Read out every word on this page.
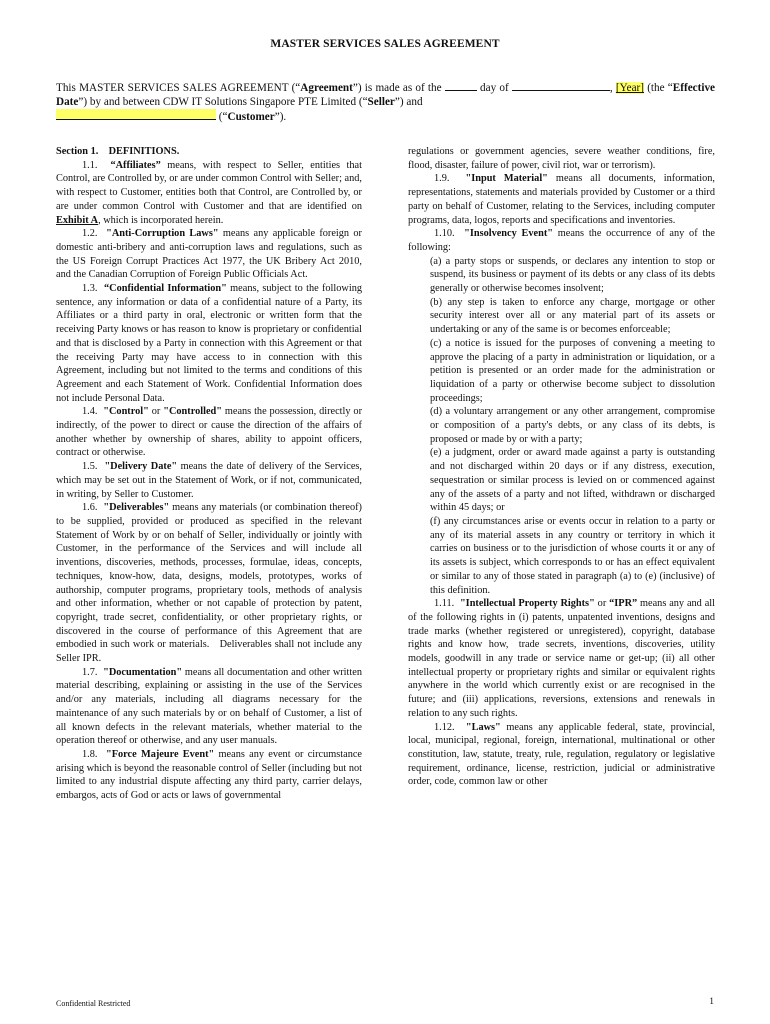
MASTER SERVICES SALES AGREEMENT
This MASTER SERVICES SALES AGREEMENT (“Agreement”) is made as of the	day of	, [Year] (the “Effective Date”) by and between CDW IT Solutions Singapore PTE Limited (“Seller”) and
(“Customer”).

Section 1. DEFINITIONS.

1.1. “Affiliates” means, with respect to Seller, entities that Control, are Controlled by, or are under common Control with Seller; and, with respect to Customer, entities both that Control, are Controlled by, or are under common Control with Customer and that are identified on Exhibit A, which is incorporated herein.

1.2. "Anti-Corruption Laws" means any applicable foreign or domestic anti-bribery and anti-corruption laws and regulations, such as the US Foreign Corrupt Practices Act 1977, the UK Bribery Act 2010, and the Canadian Corruption of Foreign Public Officials Act.

1.3. “Confidential Information" means, subject to the following sentence, any information or data of a confidential nature of a Party, its Affiliates or a third party in oral, electronic or written form that the receiving Party knows or has reason to know is proprietary or confidential and that is disclosed by a Party in connection with this Agreement or that the receiving Party may have access to in connection with this Agreement, including but not limited to the terms and conditions of this Agreement and each Statement of Work. Confidential Information does not include Personal Data.

1.4. "Control" or "Controlled" means the possession, directly or indirectly, of the power to direct or cause the direction of the affairs of another whether by ownership of shares, ability to appoint officers, contract or otherwise.

1.5. "Delivery Date" means the date of delivery of the Services, which may be set out in the Statement of Work, or if not, communicated, in writing, by Seller to Customer.

1.6. "Deliverables" means any materials (or combination thereof) to be supplied, provided or produced as specified in the relevant Statement of Work by or on behalf of Seller, individually or jointly with Customer, in the performance of the Services and will include all inventions, discoveries, methods, processes, formulae, ideas, concepts, techniques, know-how, data, designs, models, prototypes, works of authorship, computer programs, proprietary tools, methods of analysis and other information, whether or not capable of protection by patent, copyright, trade secret, confidentiality, or other proprietary rights, or discovered in the course of performance of this Agreement that are embodied in such work or materials. Deliverables shall not include any Seller IPR.

1.7. "Documentation" means all documentation and other written material describing, explaining or assisting in the use of the Services and/or any materials, including all diagrams necessary for the maintenance of any such materials by or on behalf of Customer, a list of all known defects in the relevant materials, whether material to the operation thereof or otherwise, and any user manuals.

1.8. "Force Majeure Event" means any event or circumstance arising which is beyond the reasonable control of Seller (including but not limited to any industrial dispute affecting any third party, carrier delays, embargos, acts of God or acts or laws of governmental

regulations or government agencies, severe weather conditions, fire, flood, disaster, failure of power, civil riot, war or terrorism).

1.9. "Input Material" means all documents, information, representations, statements and materials provided by Customer or a third party on behalf of Customer, relating to the Services, including computer programs, data, logos, reports and specifications and inventories.

1.10. "Insolvency Event" means the occurrence of any of the following:

(a) a party stops or suspends, or declares any intention to stop or suspend, its business or payment of its debts or any class of its debts generally or otherwise becomes insolvent;

(b) any step is taken to enforce any charge, mortgage or other security interest over all or any material part of its assets or undertaking or any of the same is or becomes enforceable;

(c) a notice is issued for the purposes of convening a meeting to approve the placing of a party in administration or liquidation, or a petition is presented or an order made for the administration or liquidation of a party or otherwise become subject to dissolution proceedings;

(d) a voluntary arrangement or any other arrangement, compromise or composition of a party's debts, or any class of its debts, is proposed or made by or with a party;

(e) a judgment, order or award made against a party is outstanding and not discharged within 20 days or if any distress, execution, sequestration or similar process is levied on or commenced against any of the assets of a party and not lifted, withdrawn or discharged within 45 days; or

(f) any circumstances arise or events occur in relation to a party or any of its material assets in any country or territory in which it carries on business or to the jurisdiction of whose courts it or any of its assets is subject, which corresponds to or has an effect equivalent or similar to any of those stated in paragraph (a) to (e) (inclusive) of this definition.

1.11. "Intellectual Property Rights" or “IPR” means any and all of the following rights in (i) patents, unpatented inventions, designs and trade marks (whether registered or unregistered), copyright, database rights and know how, trade secrets, inventions, discoveries, utility models, goodwill in any trade or service name or get-up; (ii) all other intellectual property or proprietary rights and similar or equivalent rights anywhere in the world which currently exist or are recognised in the future; and (iii) applications, reversions, extensions and renewals in relation to any such rights.

1.12. "Laws" means any applicable federal, state, provincial, local, municipal, regional, foreign, international, multinational or other constitution, law, statute, treaty, rule, regulation, regulatory or legislative requirement, ordinance, license, restriction, judicial or administrative order, code, common law or other

Confidential Restricted	1
